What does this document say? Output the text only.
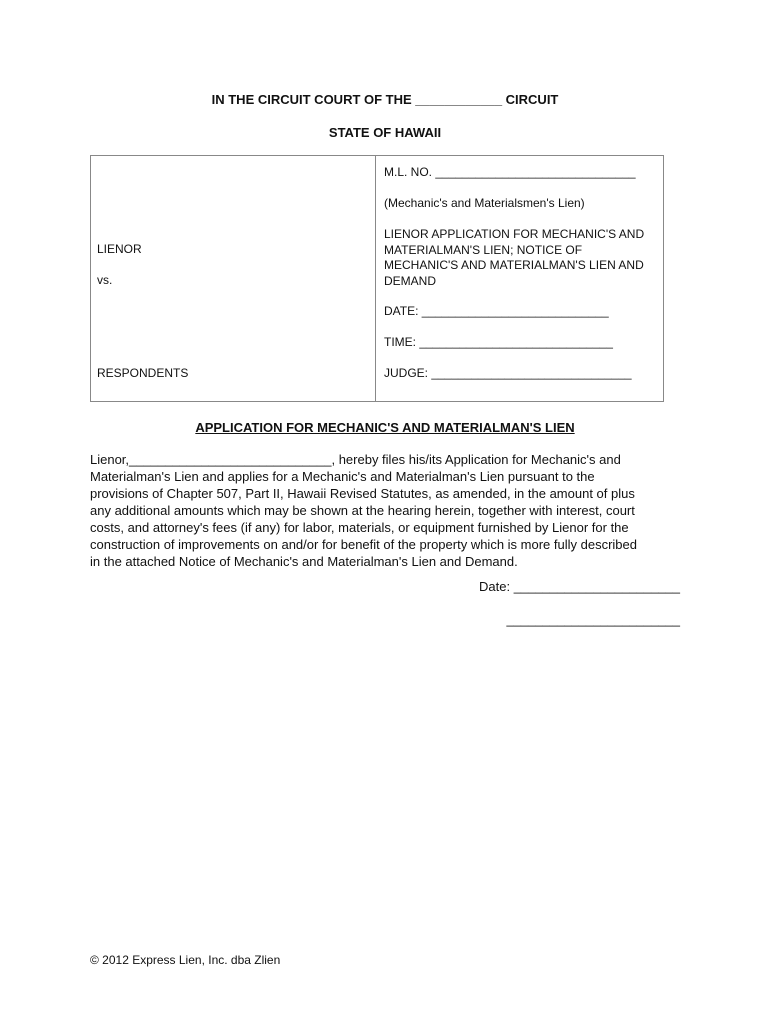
IN THE CIRCUIT COURT OF THE ____________ CIRCUIT
STATE OF HAWAII
LIENOR
vs.
RESPONDENTS
M.L. NO. ______________________________
(Mechanic's and Materialsmen's Lien)
LIENOR APPLICATION FOR MECHANIC'S AND
MATERIALMAN'S LIEN; NOTICE OF
MECHANIC'S AND MATERIALMAN'S LIEN AND
DEMAND
DATE: ____________________________
TIME: _____________________________
JUDGE: ______________________________
APPLICATION FOR MECHANIC'S AND MATERIALMAN'S LIEN
Lienor,____________________________, hereby files his/its Application for Mechanic's and
Materialman's Lien and applies for a Mechanic's and Materialman's Lien pursuant to the
provisions of Chapter 507, Part II, Hawaii Revised Statutes, as amended, in the amount of plus
any additional amounts which may be shown at the hearing herein, together with interest, court
costs, and attorney's fees (if any) for labor, materials, or equipment furnished by Lienor for the
construction of improvements on and/or for benefit of the property which is more fully described
in the attached Notice of Mechanic's and Materialman's Lien and Demand.
Date: _______________________
________________________
© 2012 Express Lien, Inc. dba Zlien
